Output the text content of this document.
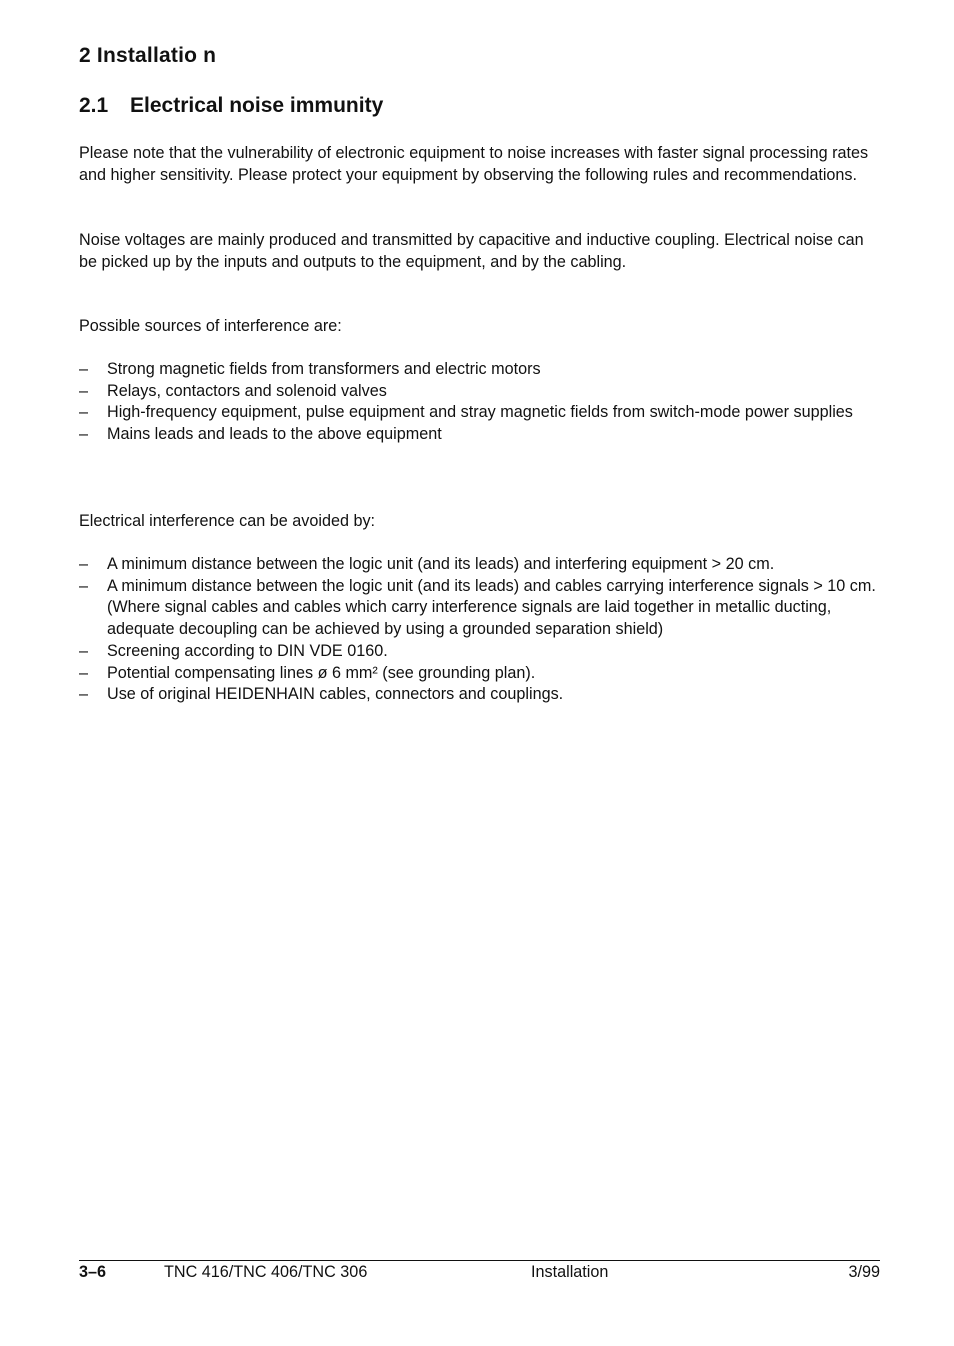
2 Installatio n
2.1 Electrical noise immunity

Please note that the vulnerability of electronic equipment to noise increases with faster signal processing rates and higher sensitivity. Please protect your equipment by observing the following rules and recommendations.

Noise voltages are mainly produced and transmitted by capacitive and inductive coupling. Electrical noise can be picked up by the inputs and outputs to the equipment, and by the cabling.

Possible sources of interference are:

– Strong magnetic fields from transformers and electric motors
– Relays, contactors and solenoid valves
– High-frequency equipment, pulse equipment and stray magnetic fields from switch-mode power supplies
– Mains leads and leads to the above equipment

Electrical interference can be avoided by:

– A minimum distance between the logic unit (and its leads) and interfering equipment > 20 cm.
– A minimum distance between the logic unit (and its leads) and cables carrying interference signals > 10 cm.
(Where signal cables and cables which carry interference signals are laid together in metallic ducting, adequate decoupling can be achieved by using a grounded separation shield)
– Screening according to DIN VDE 0160.
– Potential compensating lines ø 6 mm² (see grounding plan).
– Use of original HEIDENHAIN cables, connectors and couplings.
3–6	TNC 416/TNC 406/TNC 306	Installation	3/99
